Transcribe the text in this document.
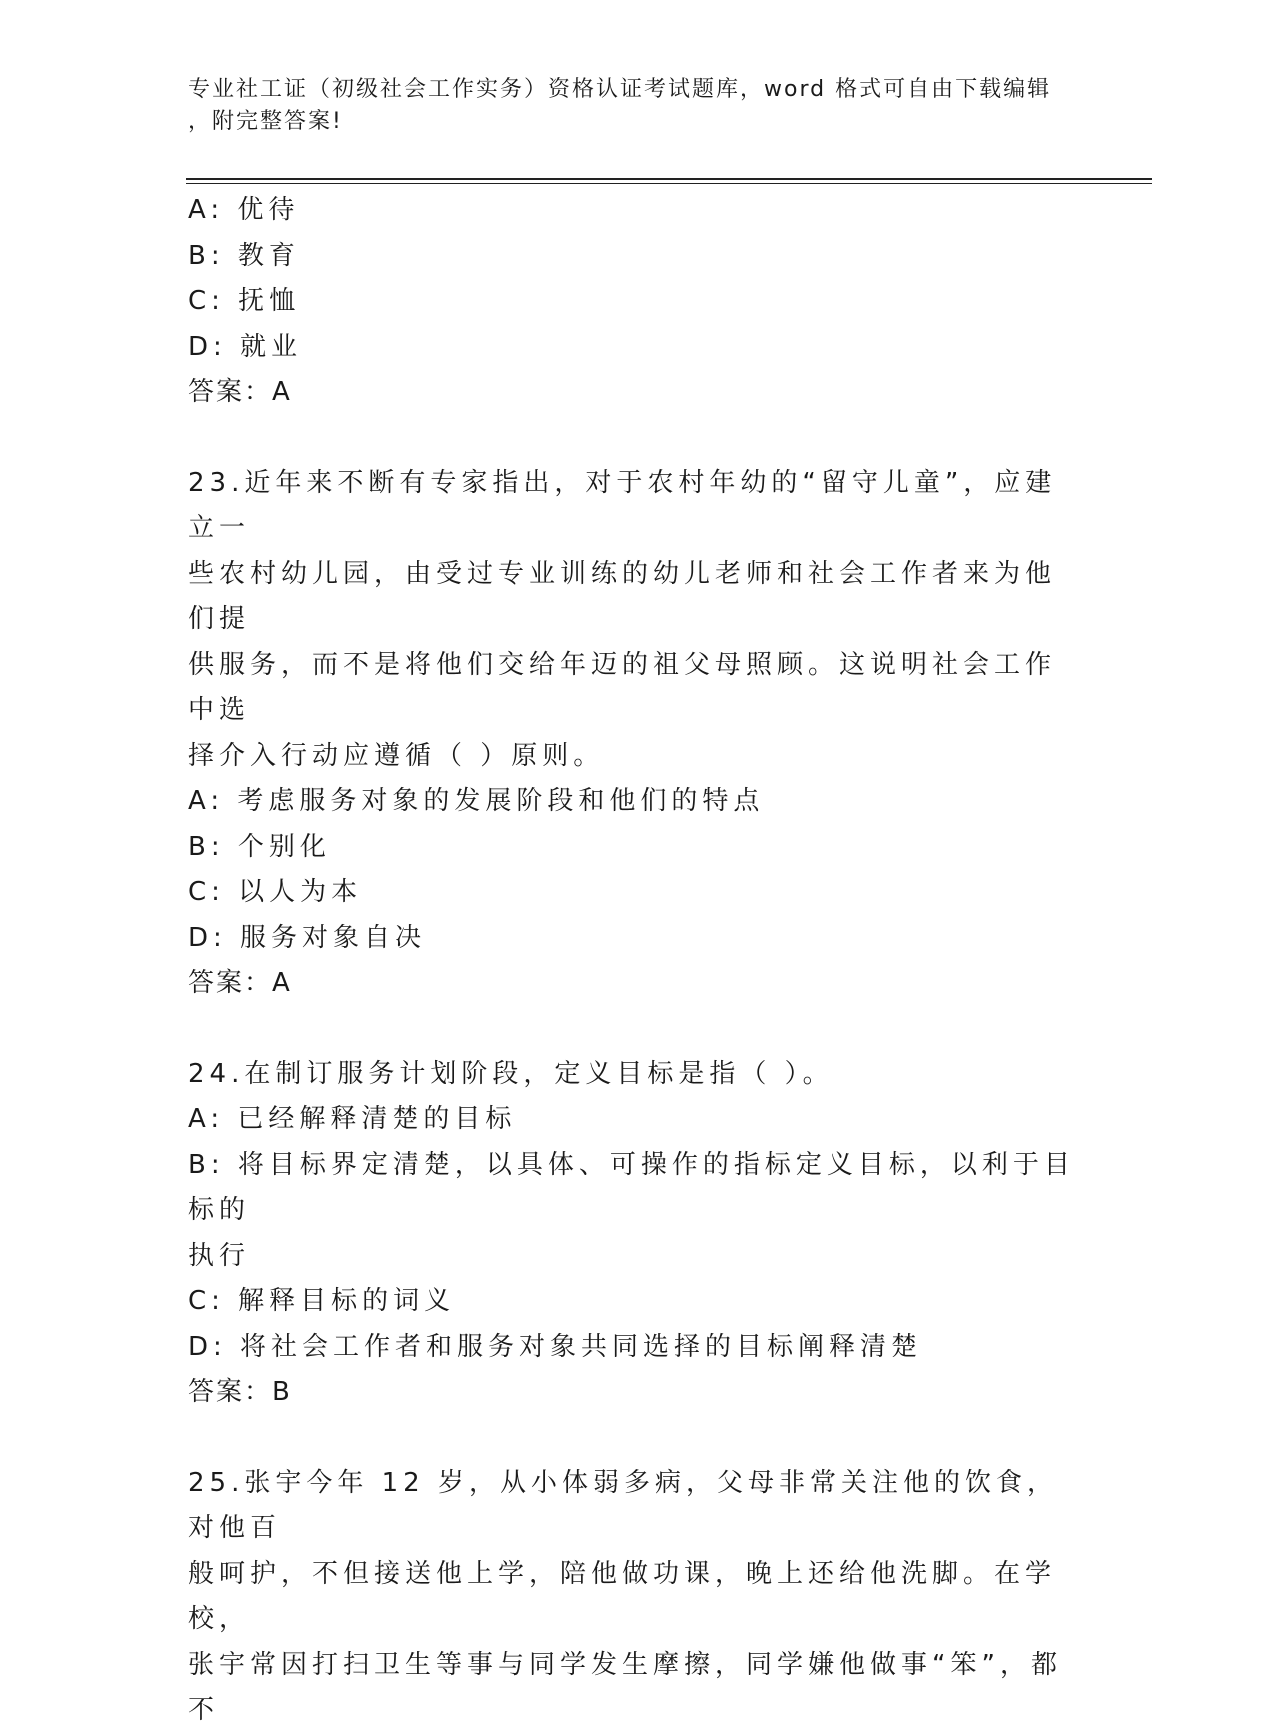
专业社工证（初级社会工作实务）资格认证考试题库，word 格式可自由下载编辑
，附完整答案!
A: 优待
B: 教育
C: 抚恤
D: 就业
答案：A
23.近年来不断有专家指出，对于农村年幼的“留守儿童”，应建立一
些农村幼儿园，由受过专业训练的幼儿老师和社会工作者来为他们提
供服务，而不是将他们交给年迈的祖父母照顾。这说明社会工作中选
择介入行动应遵循（ ）原则。
A: 考虑服务对象的发展阶段和他们的特点
B: 个别化
C: 以人为本
D: 服务对象自决
答案：A
24.在制订服务计划阶段，定义目标是指（ ）。
A: 已经解释清楚的目标
B: 将目标界定清楚，以具体、可操作的指标定义目标，以利于目标的
执行
C: 解释目标的词义
D: 将社会工作者和服务对象共同选择的目标阐释清楚
答案：B
25.张宇今年 12 岁，从小体弱多病，父母非常关注他的饮食，对他百
般呵护，不但接送他上学，陪他做功课，晚上还给他洗脚。在学校，
张宇常因打扫卫生等事与同学发生摩擦，同学嫌他做事“笨”，都不
